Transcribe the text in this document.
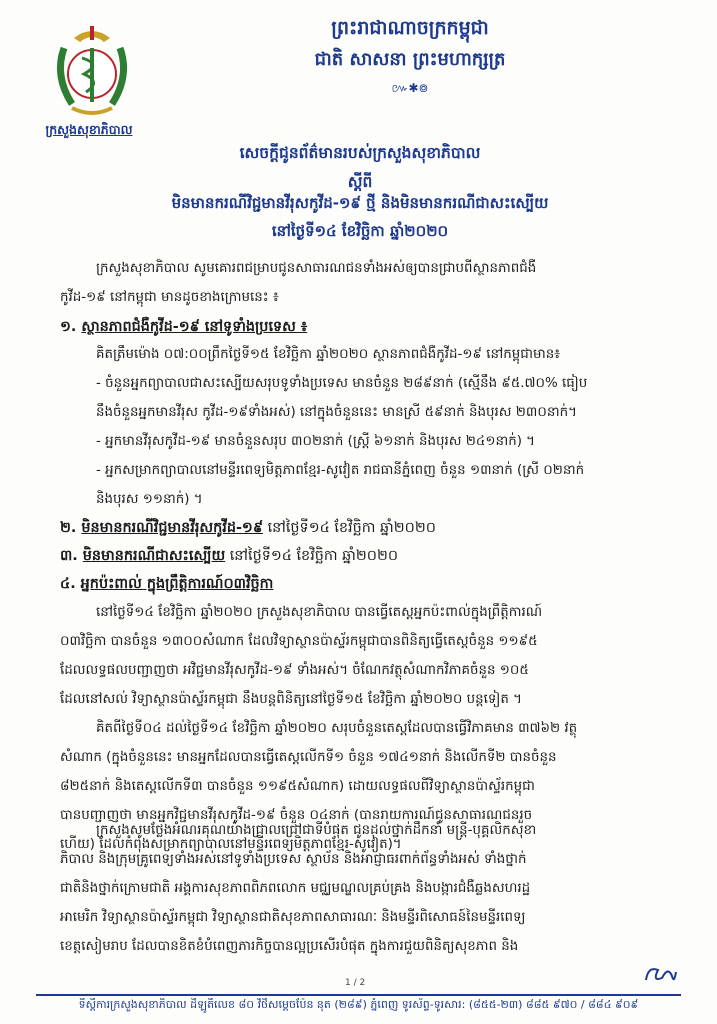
ក្រសួងសុខាភិបាល
ព្រះរាជាណាចក្រកម្ពុជា
ជាតិ សាសនា ព្រះមហាក្សត្រ
៚✱៙
សេចក្តីជូនព័ត៌មានរបស់ក្រសួងសុខាភិបាល
ស្តីពី
មិនមានករណីវិជ្ជមានវីរុសកូវីដ-១៩ ថ្មី និងមិនមានករណីជាសះស្បើយ
នៅថ្ងៃទី១៤ ខែវិច្ឆិកា ឆ្នាំ២០២០

ក្រសួងសុខាភិបាល សូមគោរពជម្រាបជូនសាធារណជនទាំងអស់ឲ្យបានជ្រាបពីស្ថានភាពជំងឺ
កូវីដ-១៩ នៅកម្ពុជា មានដូចខាងក្រោមនេះ ៖

១. ស្ថានភាពជំងឺកូវីដ-១៩ នៅទូទាំងប្រទេស ៖

គិតត្រឹមម៉ោង ០៧:០០ព្រឹកថ្ងៃទី១៥ ខែវិច្ឆិកា ឆ្នាំ២០២០ ស្ថានភាពជំងឺកូវីដ-១៩ នៅកម្ពុជាមាន៖

- ចំនួនអ្នកព្យាបាលជាសះស្បើយសរុបទូទាំងប្រទេស មានចំនួន ២៨៩នាក់ (ស្មើនឹង ៩៥.៧០% ធៀប
នឹងចំនួនអ្នកមានវីរុស កូវីដ-១៩ទាំងអស់) នៅក្នុងចំនួននេះ មានស្រី ៥៩នាក់ និងបុរស ២៣០នាក់។

- អ្នកមានវីរុសកូវីដ-១៩ មានចំនួនសរុប ៣០២នាក់ (ស្រ្តី ៦១នាក់ និងបុរស ២៤១នាក់) ។

- អ្នកសម្រាកព្យាបាលនៅមន្ទីរពេទ្យមិត្តភាពខ្មែរ-សូវៀត រាជធានីភ្នំពេញ ចំនួន ១៣នាក់ (ស្រី ០២នាក់
និងបុរស ១១នាក់) ។

២. មិនមានករណីវិជ្ជមានវីរុសកូវីដ-១៩ នៅថ្ងៃទី១៤ ខែវិច្ឆិកា ឆ្នាំ២០២០
៣. មិនមានករណីជាសះស្បើយ នៅថ្ងៃទី១៤ ខែវិច្ឆិកា ឆ្នាំ២០២០
៤. អ្នកប៉ះពាល់ ក្នុងព្រឹត្តិការណ៍០៣វិច្ឆិកា

នៅថ្ងៃទី១៤ ខែវិច្ឆិកា ឆ្នាំ២០២០ ក្រសួងសុខាភិបាល បានធ្វើតេស្តអ្នកប៉ះពាល់ក្នុងព្រឹត្តិការណ៍
០៣វិច្ឆិកា បានចំនួន ១៣០០សំណាក ដែលវិទ្យាស្ថានប៉ាស្ទ័រកម្ពុជាបានពិនិត្យធ្វើតេស្តចំនួន ១១៩៥
ដែលលទ្ធផលបញ្ជាញថា អវិជ្ជមានវីរុសកូវីដ-១៩ ទាំងអស់។ ចំណែកវត្ថុសំណាកវិភាគចំនួន ១០៥
ដែលនៅសល់ វិទ្យាស្ថានប៉ាស្ទ័រកម្ពុជា នឹងបន្តពិនិត្យនៅថ្ងៃទី១៥ ខែវិច្ឆិកា ឆ្នាំ២០២០ បន្តទៀត ។

គិតពីថ្ងៃទី០៤ ដល់ថ្ងៃទី១៤ ខែវិច្ឆិកា ឆ្នាំ២០២០ សរុបចំនួនតេស្តដែលបានធ្វើវិភាគមាន ៣៧៦២ វត្ថុ
សំណាក (ក្នុងចំនួននេះ មានអ្នកដែលបានធ្វើតេស្តលើកទី១ ចំនួន ១៧៤១នាក់ និងលើកទី២ បានចំនួន
៨២៥នាក់ និងតេស្តលើកទី៣ បានចំនួន ១១៩៥សំណាក) ដោយលទ្ធផលពីវិទ្យាស្ថានប៉ាស្ទ័រកម្ពុជា
បានបញ្ជាញថា មានអ្នកវិជ្ជមានវីរុសកូវីដ-១៩ ចំនួន ០៤នាក់ (បានរាយការណ៍ជូនសាធារណជនរួច
ហើយ) ដែលកំពុងសម្រាកព្យាបាលនៅមន្ទីរពេទ្យមិត្តភាពខ្មែរ-សូវៀត)។

ក្រសួងសូមថ្លែងអំណរគុណយ៉ាងជ្រាលជ្រៅជាទីបំផុត ជូនដល់ថ្នាក់ដឹកនាំ មន្ត្រី-បុគ្គលិកសុខា
ភិបាល និងក្រុមគ្រូពេទ្យទាំងអស់នៅទូទាំងប្រទេស ស្ថាប័ន និងអាជ្ញាធរពាក់ព័ន្ធទាំងអស់ ទាំងថ្នាក់
ជាតិនិងថ្នាក់ក្រោមជាតិ អង្គការសុខភាពពិភពលោក មជ្ឈមណ្ឌលគ្រប់គ្រង និងបង្ការជំងឺឆ្លងសហរដ្ឋ
អាមេរិក វិទ្យាស្ថានប៉ាស្ទ័រកម្ពុជា វិទ្យាស្ថានជាតិសុខភាពសាធារណៈ និងមន្ទីរពិសោធន៍នៃមន្ទីរពេទ្យ
ខេត្តសៀមរាប ដែលបានខិតខំបំពេញភារកិច្ចបានល្អប្រសើរបំផុត ក្នុងការជួយពិនិត្យសុខភាព និង

1 / 2
ទីស្តីការក្រសួងសុខាភិបាល ដីឡូតិ៍លេខ ៨០ វិថីសម្តេចប៉ែន នុត (២៨៩) ភ្នំពេញ ទូរស័ព្ទ-ទូរសារ: (៨៥៥-២៣) ៨៨៥ ៩៧០ / ៨៨៤ ៩០៩
